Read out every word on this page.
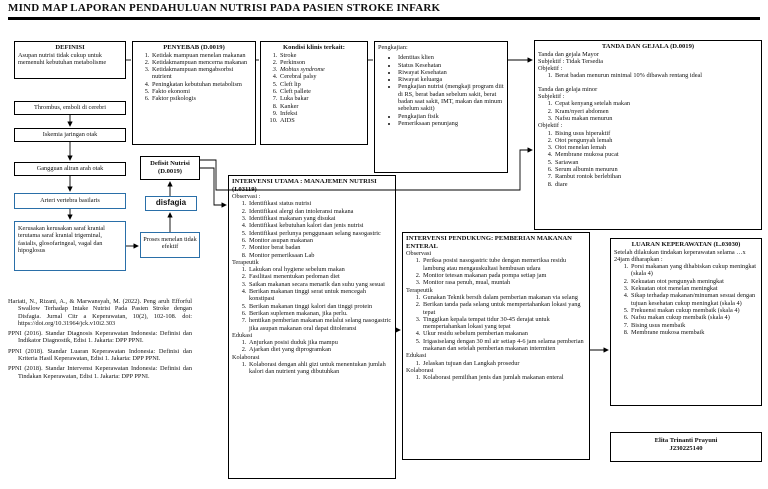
MIND MAP LAPORAN PENDAHULUAN NUTRISI PADA PASIEN STROKE INFARK
DEFINISI
Asupan nutrisi tidak cukup untuk memenuhi kebutuhan metabolisme
PENYEBAB (D.0019)
1. Ketidak mampuan menelan makanan
2. Ketidakmampuan mencerna makanan
3. Ketidakmampuan mengabsorbsi nutrient
4. Peningkatan kebutuhan metabolism
5. Fakto ekonomi
6. Faktor psikologis
Kondisi klinis terkait:
1. Stroke
2. Perkinson
3. Mobius syndrome
4. Cerebral palsy
5. Cleft lip
6. Cleft pallete
7. Luka bakar
8. Kanker
9. Infeksi
10. AIDS
Pengkajian:
• Identitas klien
• Status Kesehatan
• Riwayat Kesehatan
• Riwayat keluarga
• Pengkajian nutrisi (mengkaji program diit di RS, berat badan sebelum sakit, berat badan saat sakit, IMT, makan dan minum sebelum sakit)
• Pengkajian fisik
• Pemeriksaan penunjang
TANDA DAN GEJALA (D.0019)
Tanda dan gejala Mayor
Subjektif : Tidak Tersedia
Objektif :
1. Berat badan menurun minimal 10% dibawah rentang ideal
Tanda dan gelaja minor
Subjektif :
1. Cepat kenyang setelah makan
2. Kram/nyeri abdomen
3. Nafsu makan menurun
Objektif :
1. Bising usus hiperaktif
2. Otot pengunyah lemah
3. Otot menelan lemah
4. Membrane mukosa pucat
5. Sariawan
6. Serum albumin menurun
7. Rambut rontok berlebihan
8. diare
Thrombus, emboli di cerebri
Iskemia jaringan otak
Gangguan aliran arah otak
Arteri vertebra basilaris
Kerusakan kerusakan saraf kranial terutama saraf kranial trigeminal, fasialis, glosofaringeal, vagal dan hipoglosus
Proses menelan tidak efektif
disfagia
Defisit Nutrisi (D.0019)
INTERVENSI UTAMA : MANAJEMEN NUTRISI (I.03119)
Observasi :
1. Identifikasi status nutrisi
2. Identifikasi alergi dan intoleransi makana
3. Identifikasi makanan yang disukai
4. Identifikasi kebutuhan kalori dan jenis nutrisi
5. Identifikasi perlunya penggunaan selang nasogastric
6. Monitor asupan makanan
7. Monitor berat badan
8. Monitor pemeriksaan Lab
Terapeutik
1. Lakukan oral hygiene sebelum makan
2. Fasilitasi menentukan pedoman diet
3. Saikan makanan secara menarik dan suhu yang sesuai
4. Berikan makanan tinggi serat untuk mencegah konstipasi
5. Berikan makanan tinggi kalori dan tinggi protein
6. Berikan suplemen makanan, jika perlu.
7. hentikan pemberian makanan melalui selang nasogastric jika asupan makanan oral dapat ditoleransi
Edukasi
1. Anjurkan posisi duduk jika mampu
2. Ajarkan diet yang diprogramkan
Kolaborasi
1. Kolaborasi dengan ahli gizi untuk menentukan jumlah kalori dan nutrient yang dibutuhkan
INTERVENSI PENDUKUNG: PEMBERIAN MAKANAN ENTERAL
Observasi
1. Periksa posisi nasogastric tube dengan memeriksa residu lambung atau mengauskultasi hembusan udara
2. Monitor tetesan makanan pada pompa setiap jam
3. Monitor rasa penuh, mual, muntah
Terapeutik
1. Gunakan Teknik bersih dalam pemberian makanan via selang
2. Berikan tanda pada selang untuk mempertahankan lokasi yang tepat
3. Tinggikan kepala tempat tidur 30-45 derajat untuk mempertahankan lokasi yang tepat
4. Ukur residu sebelum pemberian makanan
5. Irigasiselang dengan 30 ml air setiap 4-6 jam selama pemberian makanan dan setelah pemberian makanan intermiten
Edukasi
1. Jelaskan tujuan dan Langkah prosedur
Kolaborasi
1. Kolaborasi pemilihan jenis dan jumlah makanan enteral
LUARAN KEPERAWATAN (L.03030)
Setelah dilakukan tindakan keperawatan selama …x 24jam diharapkan :
1. Porsi makanan yang dihabiskan cukup meningkat (skala 4)
2. Kekuatan otot pengunyah meningkat
3. Kekuatan otot menelan meningkat
4. Sikap terhadap makanan/minuman sesuai dengan tujuan kesehatan cukup meningkat (skala 4)
5. Frekuensi makan cukup membaik (skala 4)
6. Nafsu makan cukup membaik (skala 4)
7. Bising usus membaik
8. Membrane mukosa membaik
Elita Trinanti Prayuni
J230225140

Hariati, N., Rizani, A., & Marwansyah, M. (2022). Peng aruh Efforful Swallow Terhadap Intake Nutrisi Pada Pasien Stroke dengan Disfagia. Jurnal Citr a Keperawatan, 10(2), 102-108. doi: https://doi.org/10.31964/jck.v10i2.303

PPNI (2016). Standar Diagnosis Keperawatan Indonesia: Definisi dan Indikator Diagnostik, Edisi 1. Jakarta: DPP PPNI.

PPNI (2018). Standar Luaran Keperawatan Indonesia: Definisi dan Kriteria Hasil Keperawatan, Edisi 1. Jakarta: DPP PPNI.

PPNI (2018). Standar Intervensi Keperawatan Indonesia: Definisi dan Tindakan Keperawatan, Edisi 1. Jakarta: DPP PPNI.
